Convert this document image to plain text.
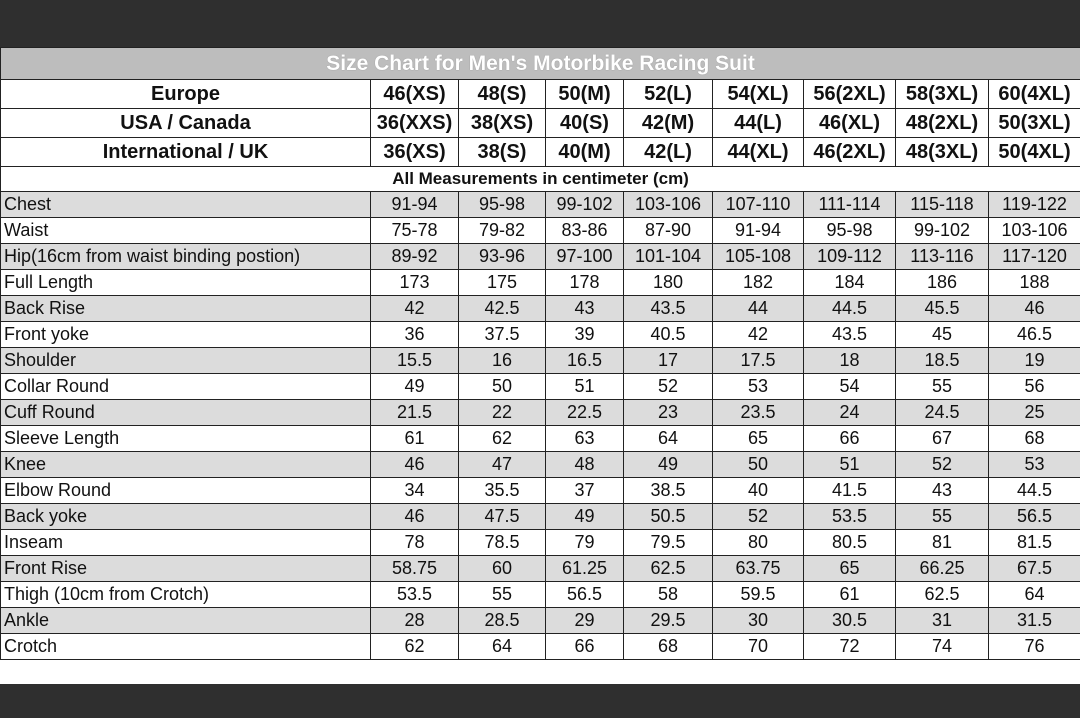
Size Chart for Men's Motorbike Racing Suit								
Europe	46(XS)	48(S)	50(M)	52(L)	54(XL)	56(2XL)	58(3XL)	60(4XL)
USA / Canada	36(XXS)	38(XS)	40(S)	42(M)	44(L)	46(XL)	48(2XL)	50(3XL)
International / UK	36(XS)	38(S)	40(M)	42(L)	44(XL)	46(2XL)	48(3XL)	50(4XL)
All Measurements in centimeter (cm)								
Chest	91-94	95-98	99-102	103-106	107-110	111-114	115-118	119-122
Waist	75-78	79-82	83-86	87-90	91-94	95-98	99-102	103-106
Hip(16cm from waist binding postion)	89-92	93-96	97-100	101-104	105-108	109-112	113-116	117-120
Full Length	173	175	178	180	182	184	186	188
Back Rise	42	42.5	43	43.5	44	44.5	45.5	46
Front yoke	36	37.5	39	40.5	42	43.5	45	46.5
Shoulder	15.5	16	16.5	17	17.5	18	18.5	19
Collar Round	49	50	51	52	53	54	55	56
Cuff Round	21.5	22	22.5	23	23.5	24	24.5	25
Sleeve Length	61	62	63	64	65	66	67	68
Knee	46	47	48	49	50	51	52	53
Elbow Round	34	35.5	37	38.5	40	41.5	43	44.5
Back yoke	46	47.5	49	50.5	52	53.5	55	56.5
Inseam	78	78.5	79	79.5	80	80.5	81	81.5
Front Rise	58.75	60	61.25	62.5	63.75	65	66.25	67.5
Thigh (10cm from Crotch)	53.5	55	56.5	58	59.5	61	62.5	64
Ankle	28	28.5	29	29.5	30	30.5	31	31.5
Crotch	62	64	66	68	70	72	74	76
